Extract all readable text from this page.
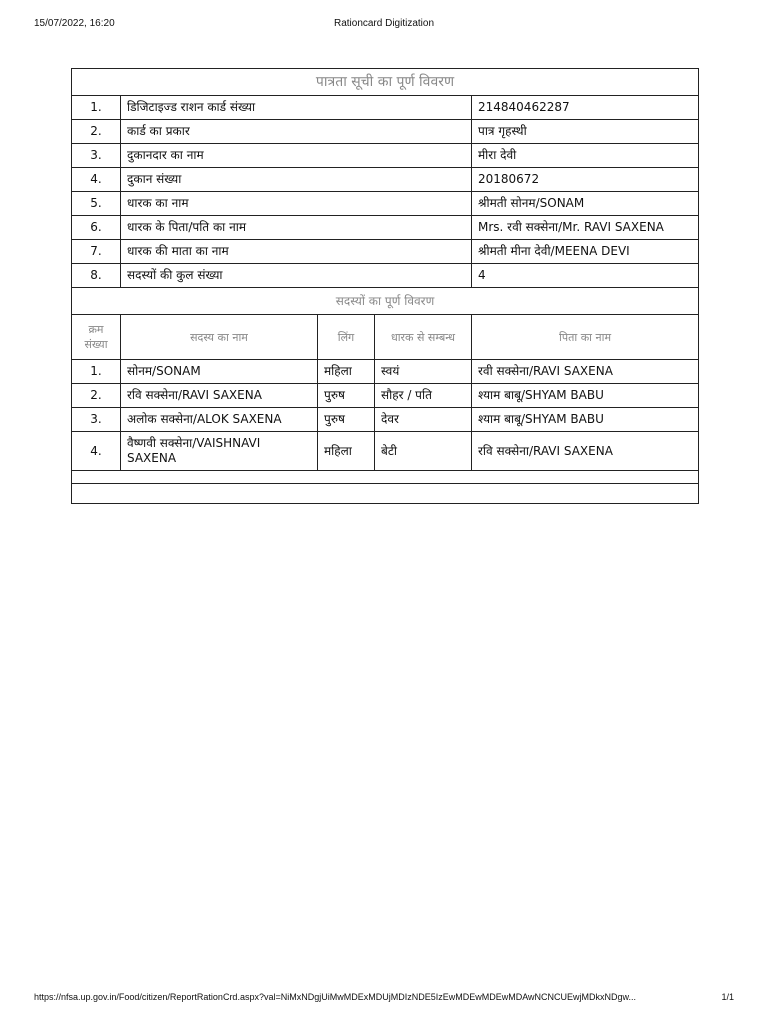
15/07/2022, 16:20	Rationcard Digitization
पात्रता सूची का पूर्ण विवरण				
1.	डिजिटाइज्ड राशन कार्ड संख्या			214840462287
2.	कार्ड का प्रकार			पात्र गृहस्थी
3.	दुकानदार का नाम			मीरा देवी
4.	दुकान संख्या			20180672
5.	धारक का नाम			श्रीमती सोनम/SONAM
6.	धारक के पिता/पति का नाम			Mrs. रवी सक्सेना/Mr. RAVI SAXENA
7.	धारक की माता का नाम			श्रीमती मीना देवी/MEENA DEVI
8.	सदस्यों की कुल संख्या			4
सदस्यों का पूर्ण विवरण				
क्रम संख्या	सदस्य का नाम	लिंग	धारक से सम्बन्ध	पिता का नाम
1.	सोनम/SONAM	महिला	स्वयं	रवी सक्सेना/RAVI SAXENA
2.	रवि सक्सेना/RAVI SAXENA	पुरुष	सौहर / पति	श्याम बाबू/SHYAM BABU
3.	अलोक सक्सेना/ALOK SAXENA	पुरुष	देवर	श्याम बाबू/SHYAM BABU
4.	वैष्णवी सक्सेना/VAISHNAVI SAXENA	महिला	बेटी	रवि सक्सेना/RAVI SAXENA

https://nfsa.up.gov.in/Food/citizen/ReportRationCrd.aspx?val=NiMxNDgjUiMwMDExMDUjMDIzNDE5IzEwMDEwMDEwMDAwNCNCUEwjMDkxNDgw...	1/1
